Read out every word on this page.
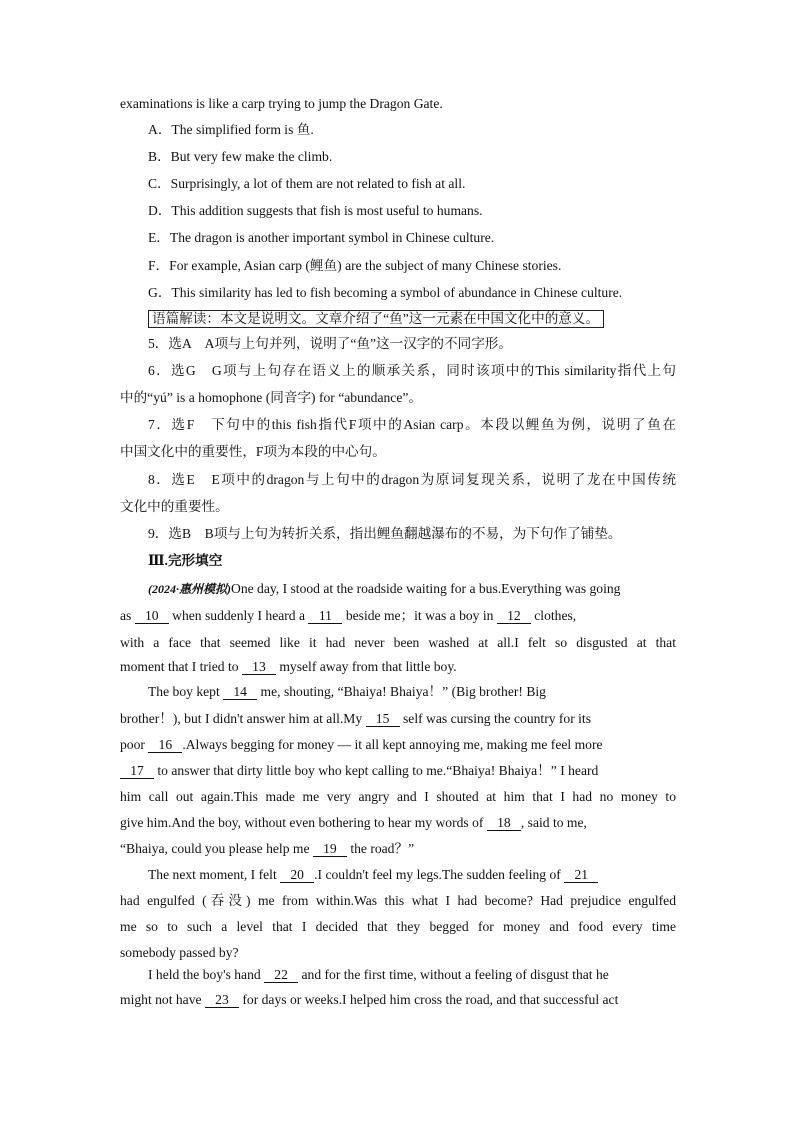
examinations is like a carp trying to jump the Dragon Gate.
A．The simplified form is 鱼.
B．But very few make the climb.
C．Surprisingly, a lot of them are not related to fish at all.
D．This addition suggests that fish is most useful to humans.
E．The dragon is another important symbol in Chinese culture.
F．For example, Asian carp (鲤鱼) are the subject of many Chinese stories.
G．This similarity has led to fish becoming a symbol of abundance in Chinese culture.
语篇解读：本文是说明文。文章介绍了“鱼”这一元素在中国文化中的意义。
5．选A　A项与上句并列，说明了“鱼”这一汉字的不同字形。
6．选G　G项与上句存在语义上的顺承关系，同时该项中的This similarity指代上句
中的“yú” is a homophone (同音字) for “abundance”。
7．选F　下句中的this fish指代F项中的Asian carp。本段以鲤鱼为例，说明了鱼在
中国文化中的重要性，F项为本段的中心句。
8．选E　E项中的dragon与上句中的dragon为原词复现关系，说明了龙在中国传统
文化中的重要性。
9．选B　B项与上句为转折关系，指出鲤鱼翻越瀑布的不易，为下句作了铺垫。
Ⅲ.完形填空
(2024·惠州模拟)One day, I stood at the roadside waiting for a bus.Everything was going
as 10 when suddenly I heard a 11 beside me；it was a boy in 12 clothes,
with a face that seemed like it had never been washed at all.I felt so disgusted at that
moment that I tried to 13 myself away from that little boy.
The boy kept 14 me, shouting, “Bhaiya! Bhaiya！” (Big brother! Big
brother！), but I didn't answer him at all.My 15 self was cursing the country for its
poor 16 .Always begging for money — it all kept annoying me, making me feel more
17 to answer that dirty little boy who kept calling to me.“Bhaiya! Bhaiya！” I heard
him call out again.This made me very angry and I shouted at him that I had no money to
give him.And the boy, without even bothering to hear my words of 18 , said to me,
“Bhaiya, could you please help me 19 the road？”
The next moment, I felt 20 .I couldn't feel my legs.The sudden feeling of 21
had engulfed (吞没) me from within.Was this what I had become? Had prejudice engulfed
me so to such a level that I decided that they begged for money and food every time
somebody passed by?
I held the boy's hand 22 and for the first time, without a feeling of disgust that he
might not have 23 for days or weeks.I helped him cross the road, and that successful act
